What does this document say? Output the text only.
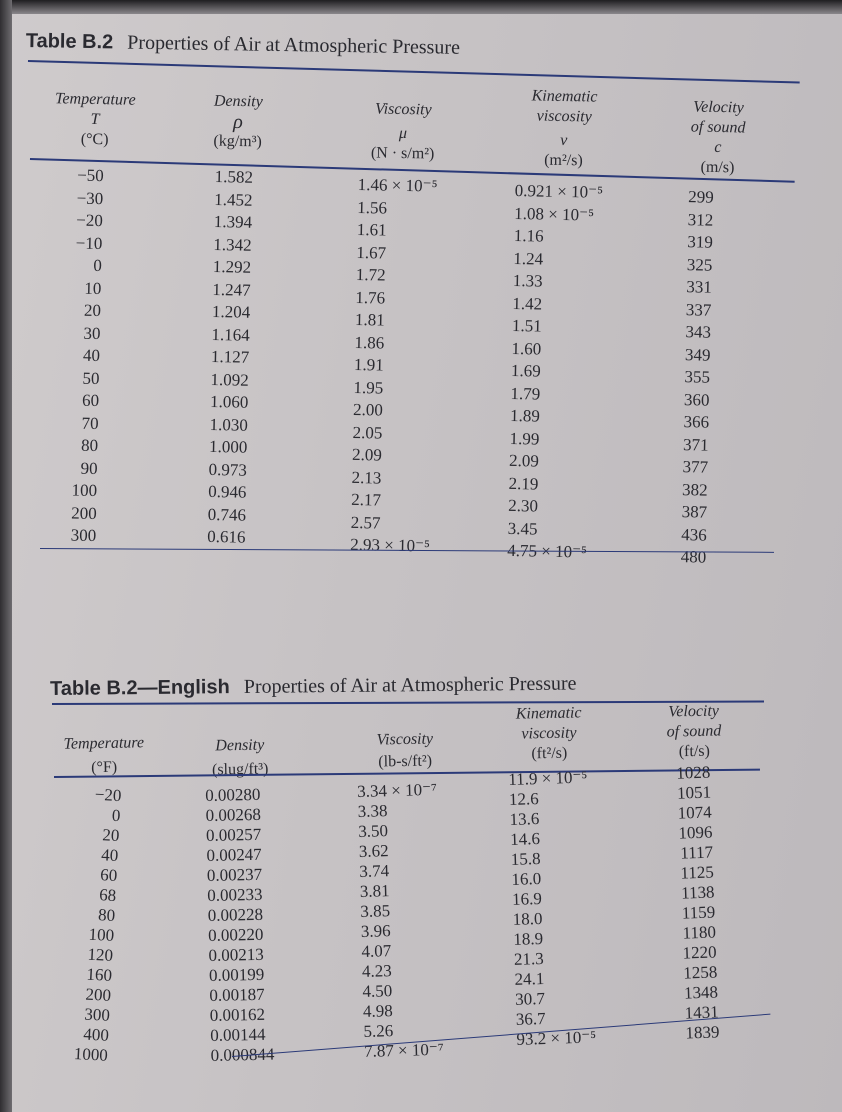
Table B.2 Properties of Air at Atmospheric Pressure
Temperature
T
(°C)
Density
ρ
(kg/m³)
Viscosity
μ
(N · s/m²)
Kinematic
viscosity
ν
(m²/s)
Velocity
of sound
c
(m/s)
−50
−30
−20
−10
0
10
20
30
40
50
60
70
80
90
100
200
300
1.582
1.452
1.394
1.342
1.292
1.247
1.204
1.164
1.127
1.092
1.060
1.030
1.000
0.973
0.946
0.746
0.616
1.46 × 10⁻⁵
1.56
1.61
1.67
1.72
1.76
1.81
1.86
1.91
1.95
2.00
2.05
2.09
2.13
2.17
2.57
2.93 × 10⁻⁵
0.921 × 10⁻⁵
1.08 × 10⁻⁵
1.16
1.24
1.33
1.42
1.51
1.60
1.69
1.79
1.89
1.99
2.09
2.19
2.30
3.45
4.75 × 10⁻⁵
299
312
319
325
331
337
343
349
355
360
366
371
377
382
387
436
480
Table B.2—English Properties of Air at Atmospheric Pressure
Temperature
(°F)
Density
(slug/ft³)
Viscosity
(lb-s/ft²)
Kinematic
viscosity
(ft²/s)
Velocity
of sound
(ft/s)
−20
0
20
40
60
68
80
100
120
160
200
300
400
1000
0.00280
0.00268
0.00257
0.00247
0.00237
0.00233
0.00228
0.00220
0.00213
0.00199
0.00187
0.00162
0.00144
0.000844
3.34 × 10⁻⁷
3.38
3.50
3.62
3.74
3.81
3.85
3.96
4.07
4.23
4.50
4.98
5.26
7.87 × 10⁻⁷
11.9 × 10⁻⁵
12.6
13.6
14.6
15.8
16.0
16.9
18.0
18.9
21.3
24.1
30.7
36.7
93.2 × 10⁻⁵
1028
1051
1074
1096
1117
1125
1138
1159
1180
1220
1258
1348
1431
1839
